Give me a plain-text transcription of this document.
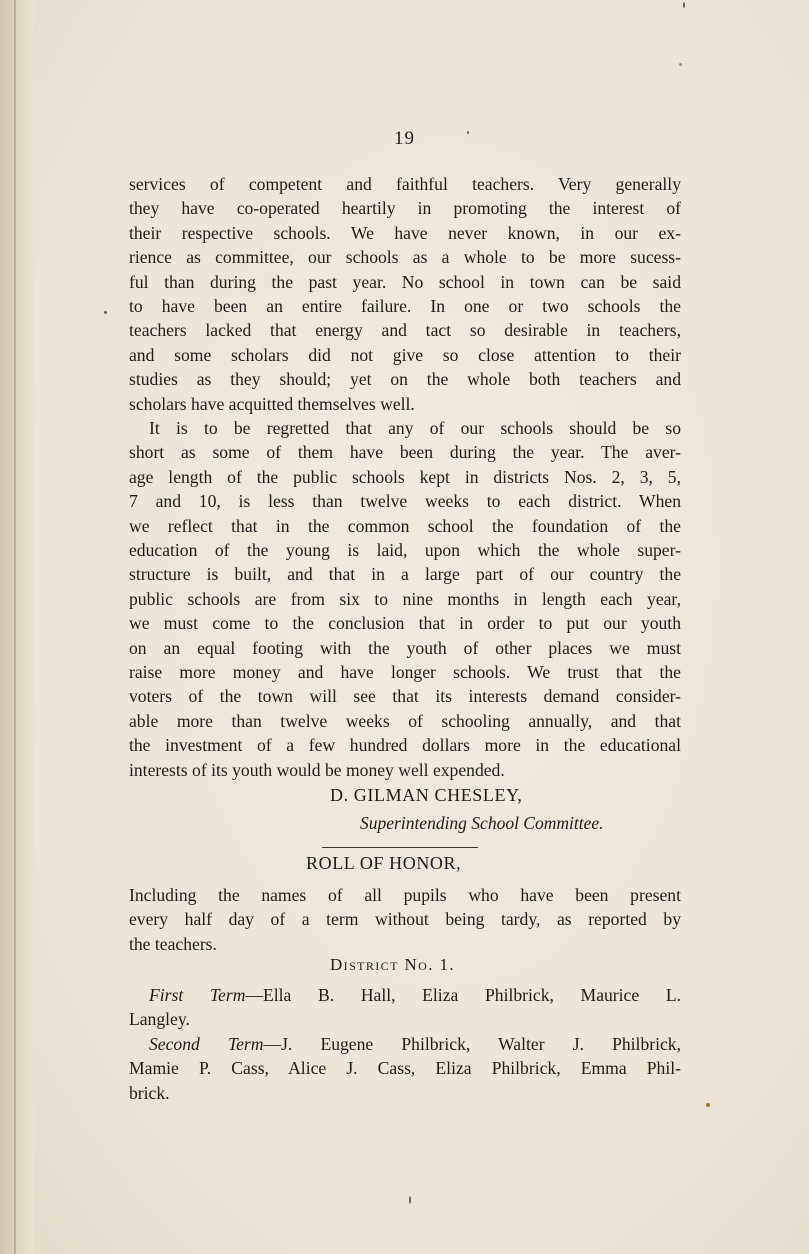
19
services of competent and faithful teachers. Very generally
they have co-operated heartily in promoting the interest of
their respective schools. We have never known, in our ex-
rience as committee, our schools as a whole to be more sucess-
ful than during the past year. No school in town can be said
to have been an entire failure. In one or two schools the
teachers lacked that energy and tact so desirable in teachers,
and some scholars did not give so close attention to their
studies as they should; yet on the whole both teachers and
scholars have acquitted themselves well.
It is to be regretted that any of our schools should be so
short as some of them have been during the year. The aver-
age length of the public schools kept in districts Nos. 2, 3, 5,
7 and 10, is less than twelve weeks to each district. When
we reflect that in the common school the foundation of the
education of the young is laid, upon which the whole super-
structure is built, and that in a large part of our country the
public schools are from six to nine months in length each year,
we must come to the conclusion that in order to put our youth
on an equal footing with the youth of other places we must
raise more money and have longer schools. We trust that the
voters of the town will see that its interests demand consider-
able more than twelve weeks of schooling annually, and that
the investment of a few hundred dollars more in the educational
interests of its youth would be money well expended.
D. GILMAN CHESLEY,
Superintending School Committee.
ROLL OF HONOR,
Including the names of all pupils who have been present
every half day of a term without being tardy, as reported by
the teachers.
District No. 1.
First Term—Ella B. Hall, Eliza Philbrick, Maurice L.
Langley.
Second Term—J. Eugene Philbrick, Walter J. Philbrick,
Mamie P. Cass, Alice J. Cass, Eliza Philbrick, Emma Phil-
brick.
